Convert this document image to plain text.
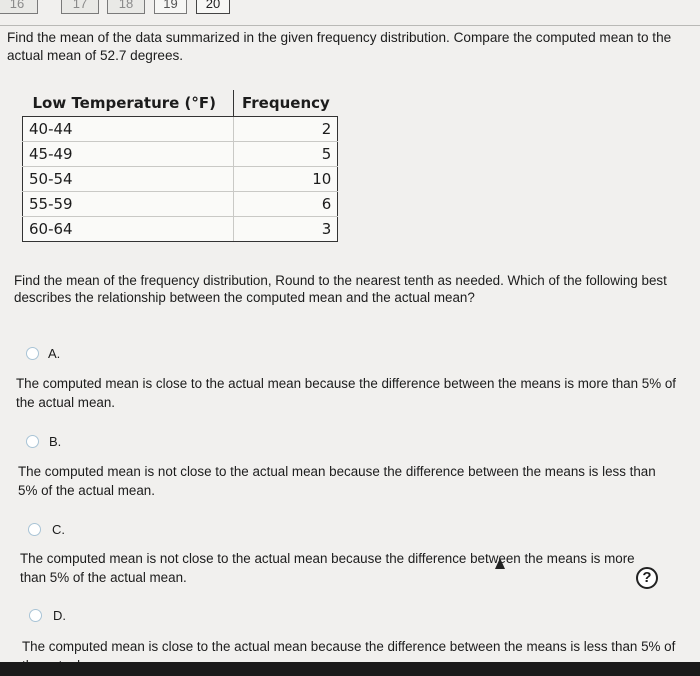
16	17	18	19	20
Find the mean of the data summarized in the given frequency distribution. Compare the computed mean to the actual mean of 52.7 degrees.
Low Temperature (°F)	Frequency
40-44	2
45-49	5
50-54	10
55-59	6
60-64	3
Find the mean of the frequency distribution, Round to the nearest tenth as needed. Which of the following best describes the relationship between the computed mean and the actual mean?
A.
The computed mean is close to the actual mean because the difference between the means is more than 5% of the actual mean.
B.
The computed mean is not close to the actual mean because the difference between the means is less than 5% of the actual mean.
C.
The computed mean is not close to the actual mean because the difference between the means is more than 5% of the actual mean.
D.
The computed mean is close to the actual mean because the difference between the means is less than 5% of
?
